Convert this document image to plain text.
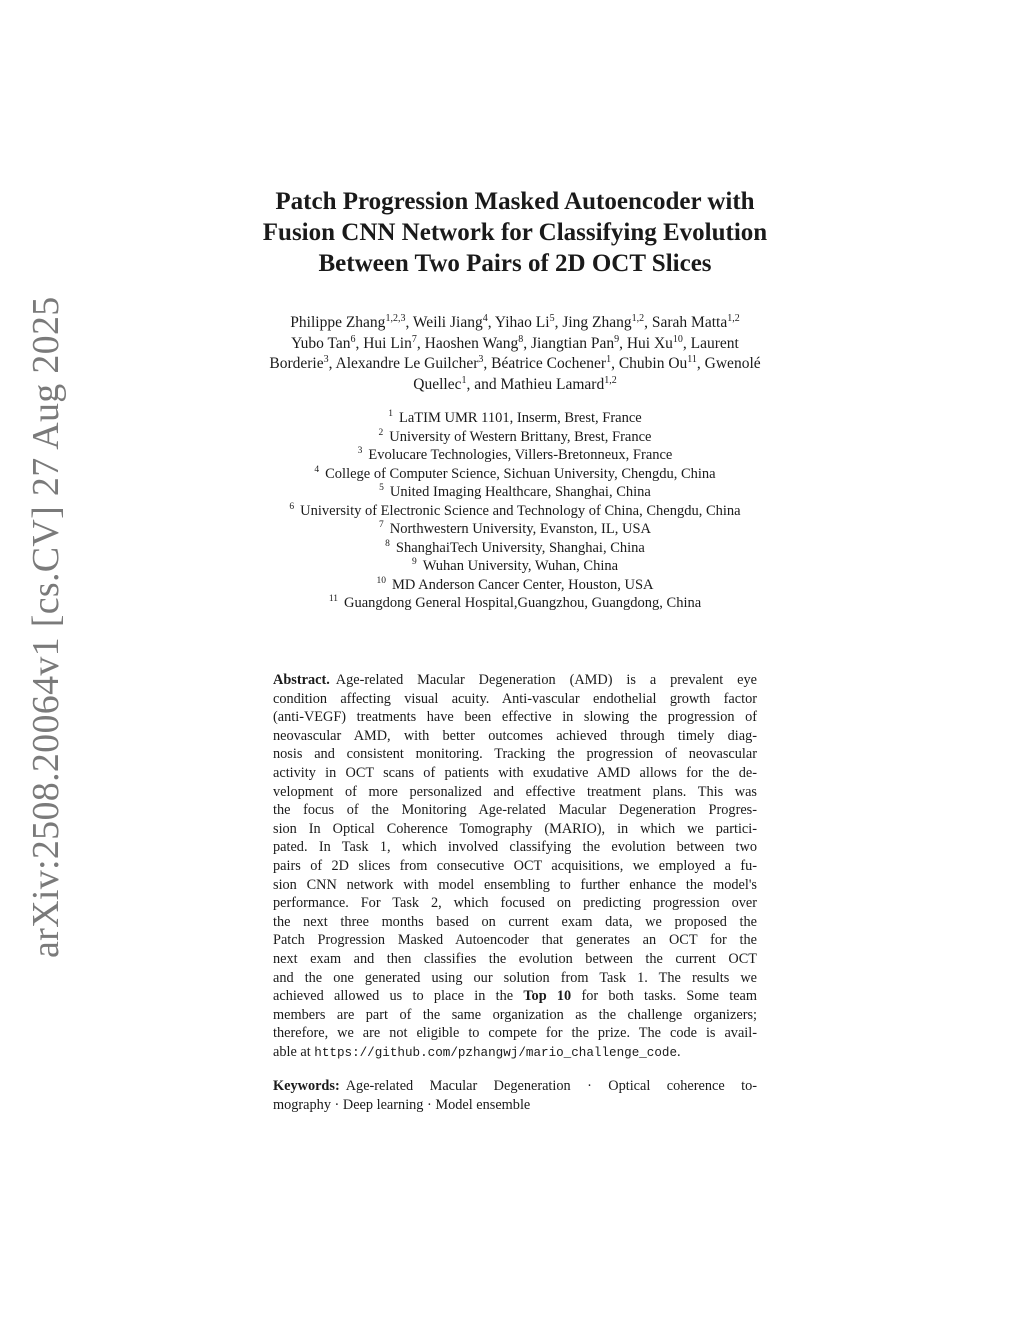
arXiv:2508.20064v1 [cs.CV] 27 Aug 2025
Patch Progression Masked Autoencoder with
Fusion CNN Network for Classifying Evolution
Between Two Pairs of 2D OCT Slices
Philippe Zhang$^{1,2,3}$, Weili Jiang$^4$, Yihao Li$^5$, Jing Zhang$^{1,2}$, Sarah Matta$^{1,2}$
Yubo Tan$^6$, Hui Lin$^7$, Haoshen Wang$^8$, Jiangtian Pan$^9$, Hui Xu$^{10}$, Laurent
Borderie$^3$, Alexandre Le Guilcher$^3$, Béatrice Cochener$^1$, Chubin Ou$^{11}$, Gwenolé
Quellec$^1$, and Mathieu Lamard$^{1,2}$
$^1$ LaTIM UMR 1101, Inserm, Brest, France
$^2$ University of Western Brittany, Brest, France
$^3$ Evolucare Technologies, Villers-Bretonneux, France
$^4$ College of Computer Science, Sichuan University, Chengdu, China
$^5$ United Imaging Healthcare, Shanghai, China
$^6$ University of Electronic Science and Technology of China, Chengdu, China
$^7$ Northwestern University, Evanston, IL, USA
$^8$ ShanghaiTech University, Shanghai, China
$^9$ Wuhan University, Wuhan, China
$^{10}$ MD Anderson Cancer Center, Houston, USA
$^{11}$ Guangdong General Hospital,Guangzhou, Guangdong, China
Abstract. Age-related Macular Degeneration (AMD) is a prevalent eye
condition affecting visual acuity. Anti-vascular endothelial growth factor
(anti-VEGF) treatments have been effective in slowing the progression of
neovascular AMD, with better outcomes achieved through timely diag-
nosis and consistent monitoring. Tracking the progression of neovascular
activity in OCT scans of patients with exudative AMD allows for the de-
velopment of more personalized and effective treatment plans. This was
the focus of the Monitoring Age-related Macular Degeneration Progres-
sion In Optical Coherence Tomography (MARIO), in which we partici-
pated. In Task 1, which involved classifying the evolution between two
pairs of 2D slices from consecutive OCT acquisitions, we employed a fu-
sion CNN network with model ensembling to further enhance the model's
performance. For Task 2, which focused on predicting progression over
the next three months based on current exam data, we proposed the
Patch Progression Masked Autoencoder that generates an OCT for the
next exam and then classifies the evolution between the current OCT
and the one generated using our solution from Task 1. The results we
achieved allowed us to place in the Top 10 for both tasks. Some team
members are part of the same organization as the challenge organizers;
therefore, we are not eligible to compete for the prize. The code is avail-
able at https://github.com/pzhangwj/mario_challenge_code.
Keywords: Age-related Macular Degeneration · Optical coherence to-
mography · Deep learning · Model ensemble
